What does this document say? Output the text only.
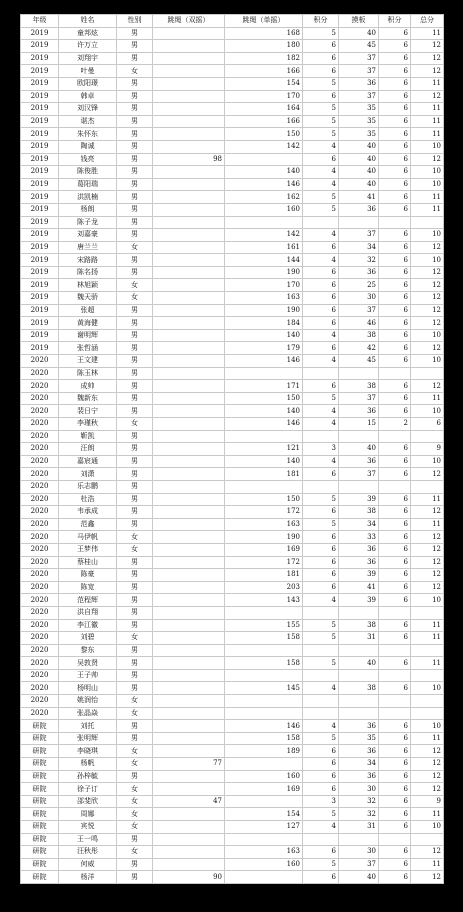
年级	姓名	性别	跳绳（双摇）	跳绳（单摇）	积分	摸板	积分	总分
2019	童邦炫	男		168	5	40	6	11
2019	许万立	男		180	6	45	6	12
2019	刘翔宇	男		182	6	37	6	12
2019	叶曼	女		166	6	37	6	12
2019	欧阳璟	男		154	5	36	6	11
2019	韩卓	男		170	6	37	6	12
2019	刘汉锋	男		164	5	35	6	11
2019	谌杰	男		166	5	35	6	11
2019	朱怀东	男		150	5	35	6	11
2019	陶诚	男		142	4	40	6	10
2019	钱亮	男	98		6	40	6	12
2019	陈俊胜	男		140	4	40	6	10
2019	葛阳瑞	男		146	4	40	6	10
2019	洪凯楠	男		162	5	41	6	11
2019	杨朗	男		160	5	36	6	11
2019	陈子龙	男						
2019	刘嘉豪	男		142	4	37	6	10
2019	唐兰兰	女		161	6	34	6	12
2019	宋路路	男		144	4	32	6	10
2019	陈名扬	男		190	6	36	6	12
2019	林旭颖	女		170	6	25	6	12
2019	魏天骄	女		163	6	30	6	12
2019	张超	男		190	6	37	6	12
2019	黄海健	男		184	6	46	6	12
2019	谢明辉	男		140	4	38	6	10
2019	张哲涵	男		179	6	42	6	12
2020	王文建	男		146	4	45	6	10
2020	陈玉林	男						
2020	成帅	男		171	6	38	6	12
2020	魏新东	男		150	5	37	6	11
2020	裴日宁	男		140	4	36	6	10
2020	李瑾秋	女		146	4	15	2	6
2020	靳凯	男						
2020	汪朗	男		121	3	40	6	9
2020	嘉宸通	男		140	4	36	6	10
2020	刘潇	男		181	6	37	6	12
2020	乐志鹏	男						
2020	杜浩	男		150	5	39	6	11
2020	韦承成	男		172	6	38	6	12
2020	范鑫	男		163	5	34	6	11
2020	马伊帆	女		190	6	33	6	12
2020	王梦伟	女		169	6	36	6	12
2020	蔡桂山	男		172	6	36	6	12
2020	陈豪	男		181	6	39	6	12
2020	陈宽	男		203	6	41	6	12
2020	范程辉	男		143	4	39	6	10
2020	洪自翔	男						
2020	李江徽	男		155	5	38	6	11
2020	刘碧	女		158	5	31	6	11
2020	黎东	男						
2020	吴敦贤	男		158	5	40	6	11
2020	王子帅	男						
2020	杨明山	男		145	4	38	6	10
2020	姚润怡	女						
2020	张晶焱	女						
研院	刘托	男		146	4	36	6	10
研院	张明辉	男		158	5	35	6	11
研院	李晓琪	女		189	6	36	6	12
研院	杨帆	女	77		6	34	6	12
研院	孙梓毓	男		160	6	36	6	12
研院	徐子订	女		169	6	30	6	12
研院	邵斐欣	女	47		3	32	6	9
研院	周娜	女		154	5	32	6	11
研院	宾悦	女		127	4	31	6	10
研院	王一鸣	男						
研院	汪秋彤	女		163	6	30	6	12
研院	何威	男		160	5	37	6	11
研院	杨洋	男	90		6	40	6	12
